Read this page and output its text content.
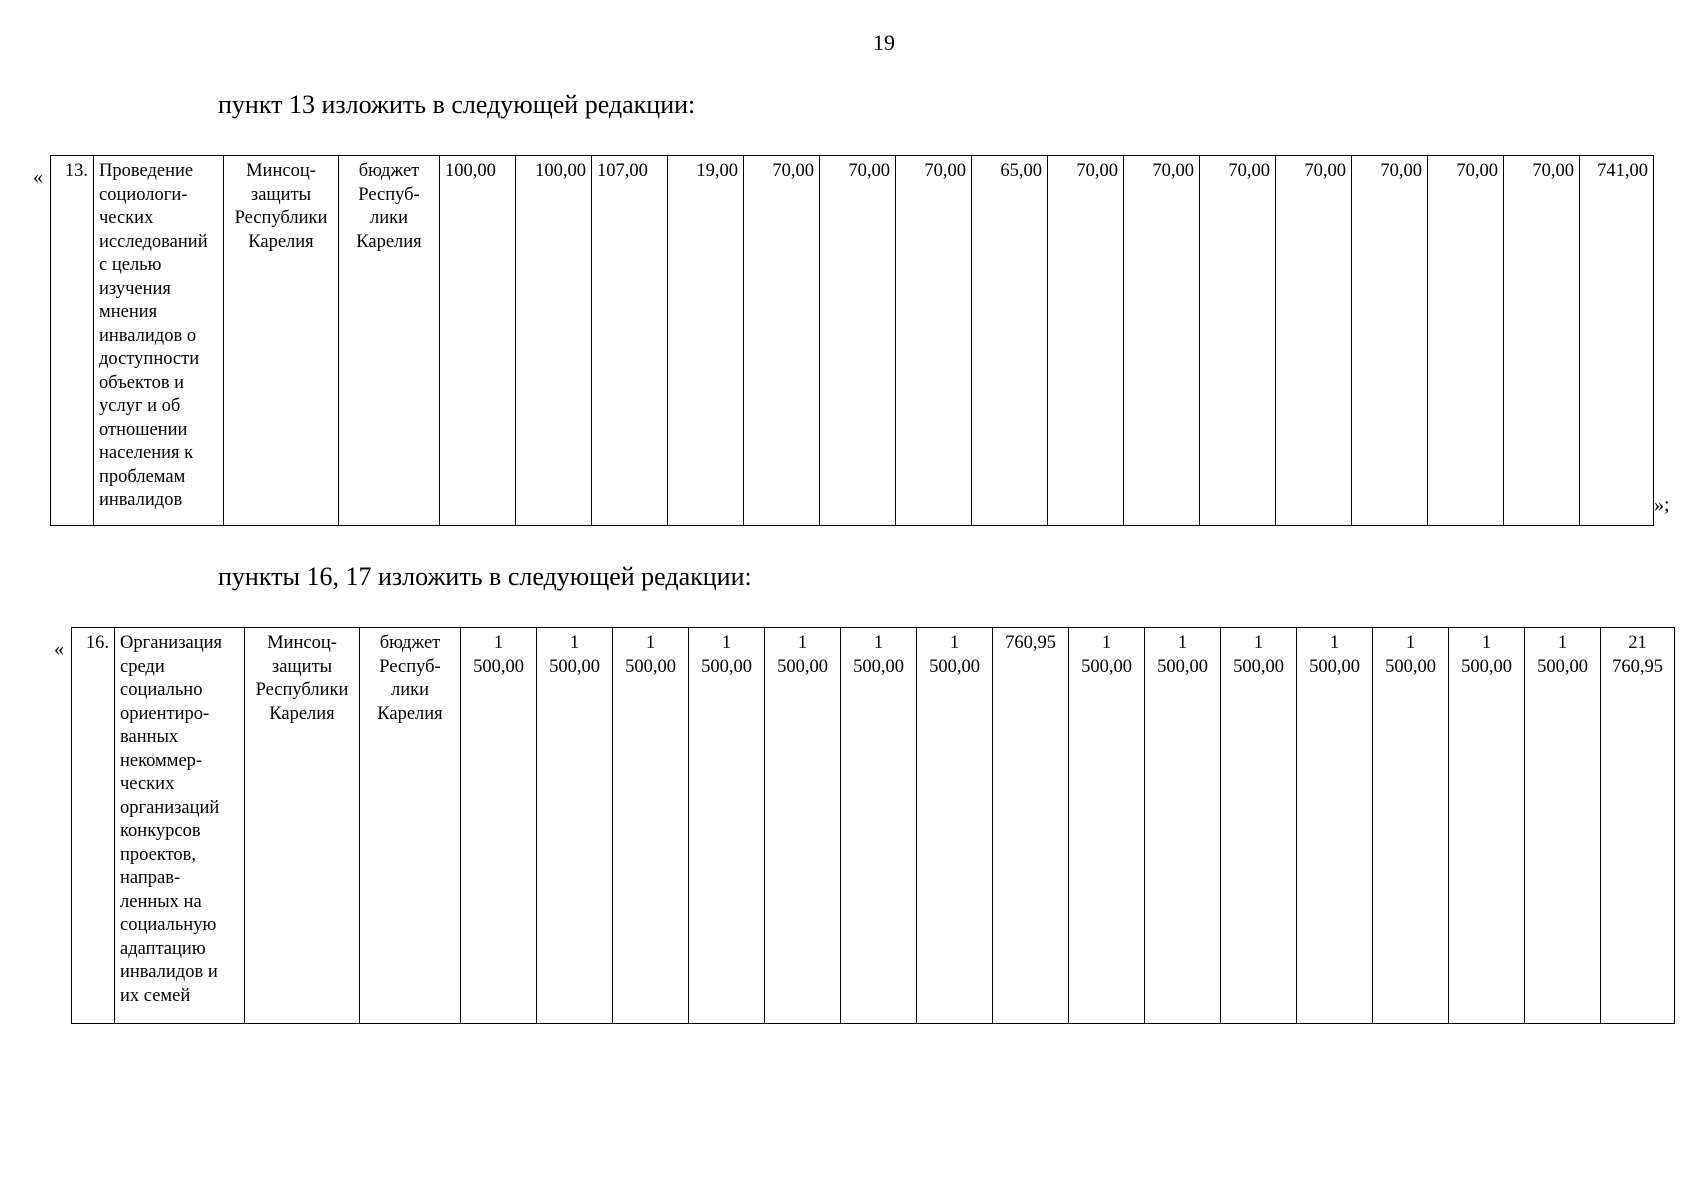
19
пункт 13 изложить в следующей редакции:
«
»;
13.	Проведение
социологи-
ческих
исследований
с целью
изучения
мнения
инвалидов о
доступности
объектов и
услуг и об
отношении
населения к
проблемам
инвалидов	Минсоц-
защиты
Республики
Карелия	бюджет
Респуб-
лики
Карелия	100,00	100,00	107,00	19,00	70,00	70,00	70,00	65,00	70,00	70,00	70,00	70,00	70,00	70,00	70,00	741,00
пункты 16, 17 изложить в следующей редакции:
« 16.	Организация
среди
социально
ориентиро-
ванных
некоммер-
ческих
организаций
конкурсов
проектов,
направ-
ленных на
социальную
адаптацию
инвалидов и
их семей	Минсоц-
защиты
Республики
Карелия	бюджет
Респуб-
лики
Карелия	1
500,00	1
500,00	1
500,00	1
500,00	1
500,00	1
500,00	1
500,00	760,95	1
500,00	1
500,00	1
500,00	1
500,00	1
500,00	1
500,00	1
500,00	21
760,95
